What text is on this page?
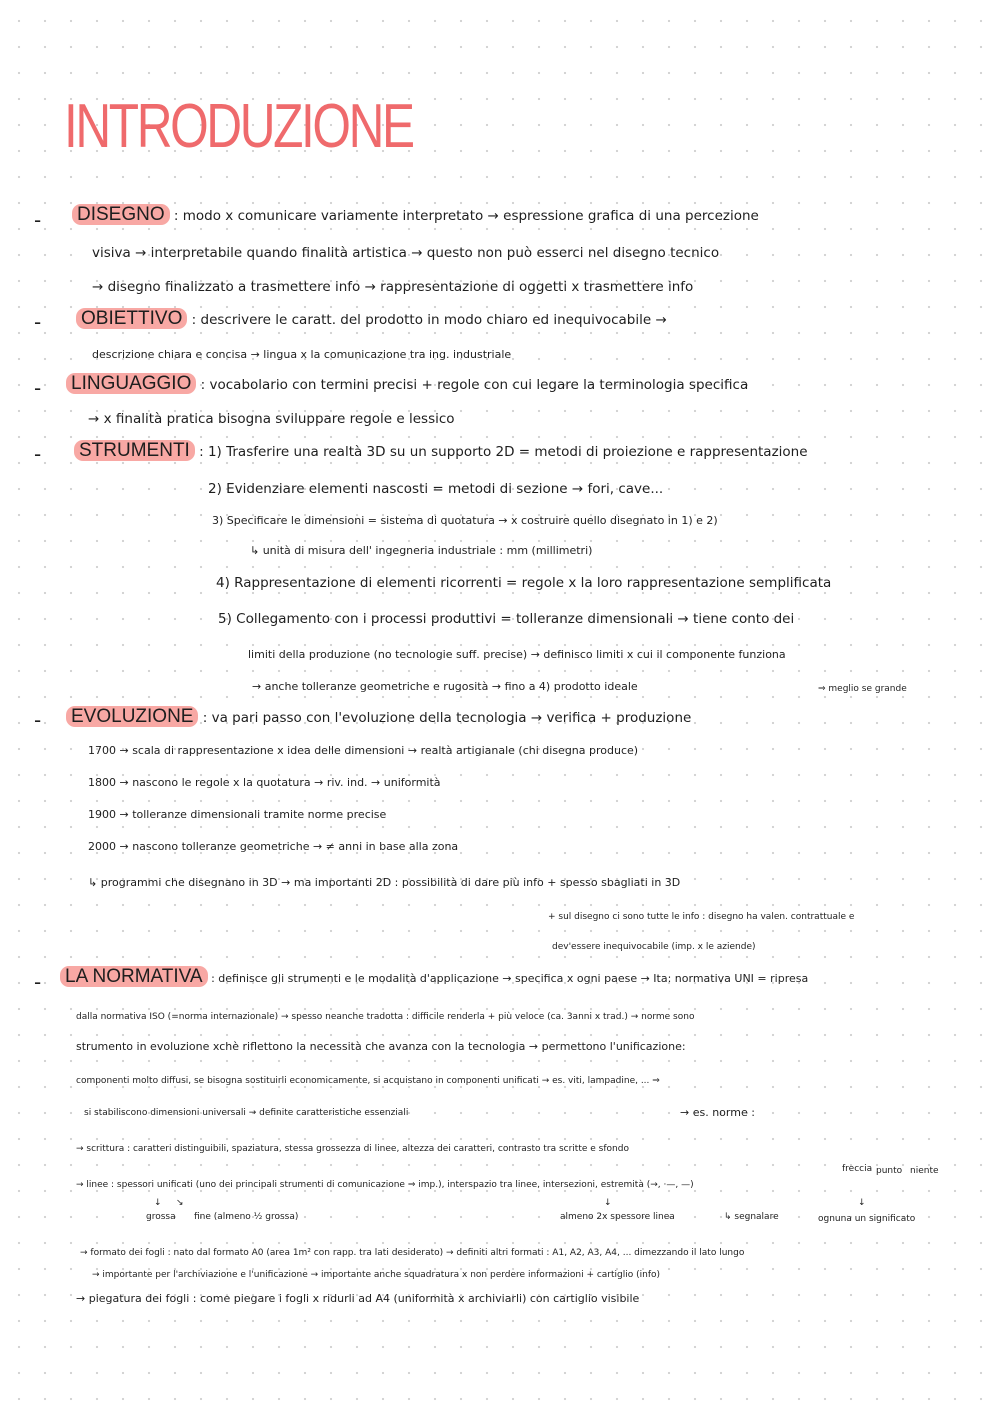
INTRODUZIONE
- DISEGNO : modo x comunicare variamente interpretato → espressione grafica di una percezione
visiva → interpretabile quando finalità artistica → questo non può esserci nel disegno tecnico
→ disegno finalizzato a trasmettere info → rappresentazione di oggetti x trasmettere info
- OBIETTIVO : descrivere le caratt. del prodotto in modo chiaro ed inequivocabile →
descrizione chiara e concisa → lingua x la comunicazione tra ing. industriale
- LINGUAGGIO : vocabolario con termini precisi + regole con cui legare la terminologia specifica
→ x finalità pratica bisogna sviluppare regole e lessico
- STRUMENTI : 1) Trasferire una realtà 3D su un supporto 2D = metodi di proiezione e rappresentazione
2) Evidenziare elementi nascosti = metodi di sezione → fori, cave...
3) Specificare le dimensioni = sistema di quotatura → x costruire quello disegnato in 1) e 2)
↳ unità di misura dell' ingegneria industriale : mm (millimetri)
4) Rappresentazione di elementi ricorrenti = regole x la loro rappresentazione semplificata
5) Collegamento con i processi produttivi = tolleranze dimensionali → tiene conto dei
limiti della produzione (no tecnologie suff. precise) → definisco limiti x cui il componente funziona
→ anche tolleranze geometriche e rugosità → fino a 4) prodotto ideale	⇒ meglio se grande
- EVOLUZIONE : va pari passo con l'evoluzione della tecnologia → verifica + produzione
1700 → scala di rappresentazione x idea delle dimensioni → realtà artigianale (chi disegna produce)
1800 → nascono le regole x la quotatura → riv. ind. → uniformità
1900 → tolleranze dimensionali tramite norme precise
2000 → nascono tolleranze geometriche → ≠ anni in base alla zona
↳ programmi che disegnano in 3D → ma importanti 2D : possibilità di dare più info + spesso sbagliati in 3D
+ sul disegno ci sono tutte le info : disegno ha valen. contrattuale e
dev'essere inequivocabile (imp. x le aziende)
- LA NORMATIVA : definisce gli strumenti e le modalità d'applicazione → specifica x ogni paese → Ita: normativa UNI = ripresa
dalla normativa ISO (=norma internazionale) → spesso neanche tradotta : difficile renderla + più veloce (ca. 3anni x trad.) → norme sono
strumento in evoluzione xchè riflettono la necessità che avanza con la tecnologia → permettono l'unificazione:
componenti molto diffusi, se bisogna sostituirli economicamente, si acquistano in componenti unificati → es. viti, lampadine, ... ⇒
si stabiliscono dimensioni universali → definite caratteristiche essenziali	→ es. norme :
→ scrittura : caratteri distinguibili, spaziatura, stessa grossezza di linee, altezza dei caratteri, contrasto tra scritte e sfondo
→ linee : spessori unificati (uno dei principali strumenti di comunicazione ⇒ imp.), interspazio tra linee, intersezioni, estremità (→, ·—, —)
freccia punto niente
↓ ↘
grossa fine (almeno ½ grossa)
↓
almeno 2x spessore linea	↳ segnalare
↓
ognuna un significato
→ formato dei fogli : nato dal formato A0 (area 1m² con rapp. tra lati desiderato) → definiti altri formati : A1, A2, A3, A4, ... dimezzando il lato lungo
→ importante per l'archiviazione e l'unificazione → importante anche squadratura x non perdere informazioni + cartiglio (info)
→ piegatura dei fogli : come piegare i fogli x ridurli ad A4 (uniformità x archiviarli) con cartiglio visibile
